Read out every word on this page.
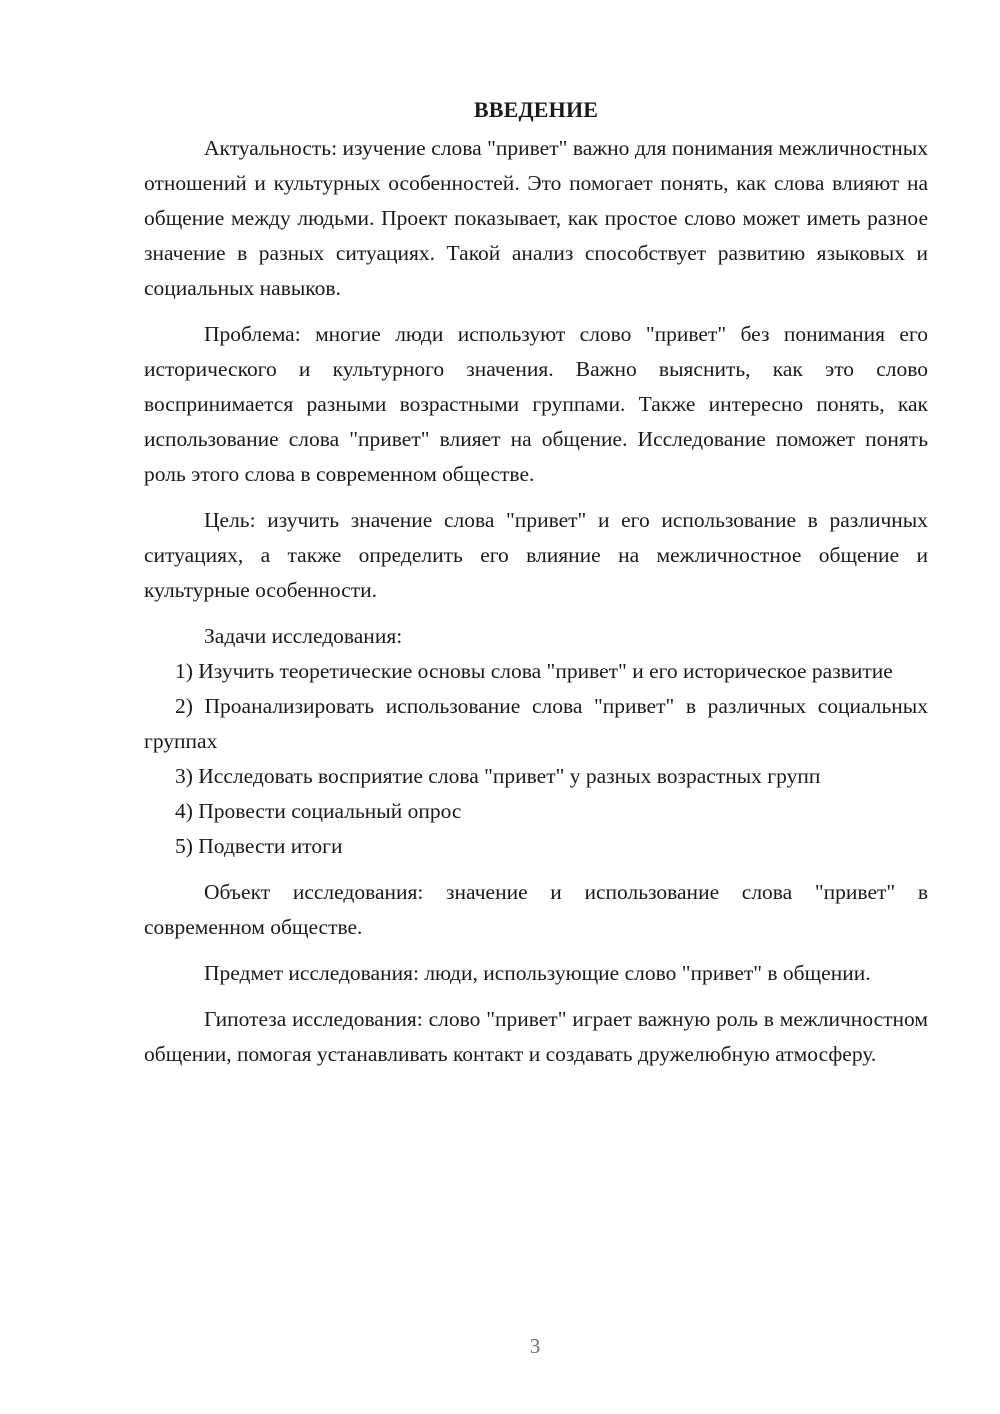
ВВЕДЕНИЕ

Актуальность: изучение слова "привет" важно для понимания межличностных отношений и культурных особенностей. Это помогает понять, как слова влияют на общение между людьми. Проект показывает, как простое слово может иметь разное значение в разных ситуациях. Такой анализ способствует развитию языковых и социальных навыков.

Проблема: многие люди используют слово "привет" без понимания его исторического и культурного значения. Важно выяснить, как это слово воспринимается разными возрастными группами. Также интересно понять, как использование слова "привет" влияет на общение. Исследование поможет понять роль этого слова в современном обществе.

Цель: изучить значение слова "привет" и его использование в различных ситуациях, а также определить его влияние на межличностное общение и культурные особенности.

Задачи исследования:

1) Изучить теоретические основы слова "привет" и его историческое развитие

2) Проанализировать использование слова "привет" в различных социальных группах

3) Исследовать восприятие слова "привет" у разных возрастных групп

4) Провести социальный опрос

5) Подвести итоги

Объект исследования: значение и использование слова "привет" в современном обществе.

Предмет исследования: люди, использующие слово "привет" в общении.

Гипотеза исследования: слово "привет" играет важную роль в межличностном общении, помогая устанавливать контакт и создавать дружелюбную атмосферу.

3
